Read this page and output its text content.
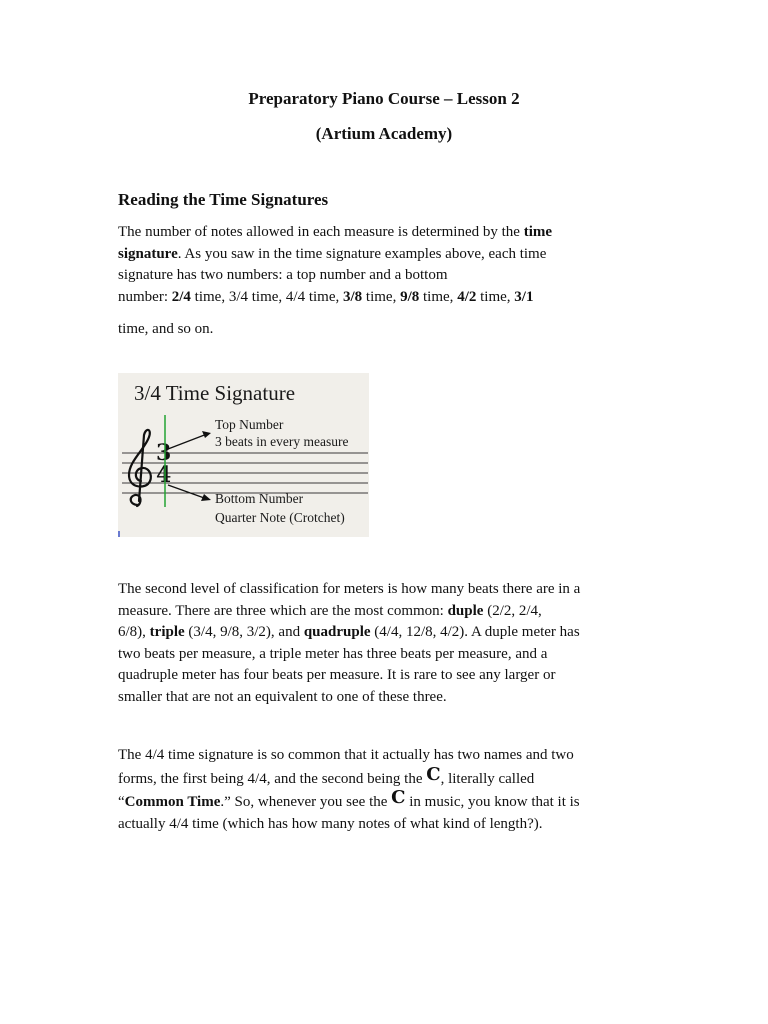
Preparatory Piano Course – Lesson 2
(Artium Academy)
Reading the Time Signatures
The number of notes allowed in each measure is determined by the time
signature. As you saw in the time signature examples above, each time
signature has two numbers: a top number and a bottom
number: 2/4 time, 3/4 time, 4/4 time, 3/8 time, 9/8 time, 4/2 time, 3/1
time, and so on.
3/4 Time Signature
3
4
Top Number
3 beats in every measure
Bottom Number
Quarter Note (Crotchet)
The second level of classification for meters is how many beats there are in a
measure. There are three which are the most common: duple (2/2, 2/4,
6/8), triple (3/4, 9/8, 3/2), and quadruple (4/4, 12/8, 4/2). A duple meter has
two beats per measure, a triple meter has three beats per measure, and a
quadruple meter has four beats per measure. It is rare to see any larger or
smaller that are not an equivalent to one of these three.
The 4/4 time signature is so common that it actually has two names and two
forms, the first being 4/4, and the second being the C, literally called
“Common Time.” So, whenever you see the C in music, you know that it is
actually 4/4 time (which has how many notes of what kind of length?).
